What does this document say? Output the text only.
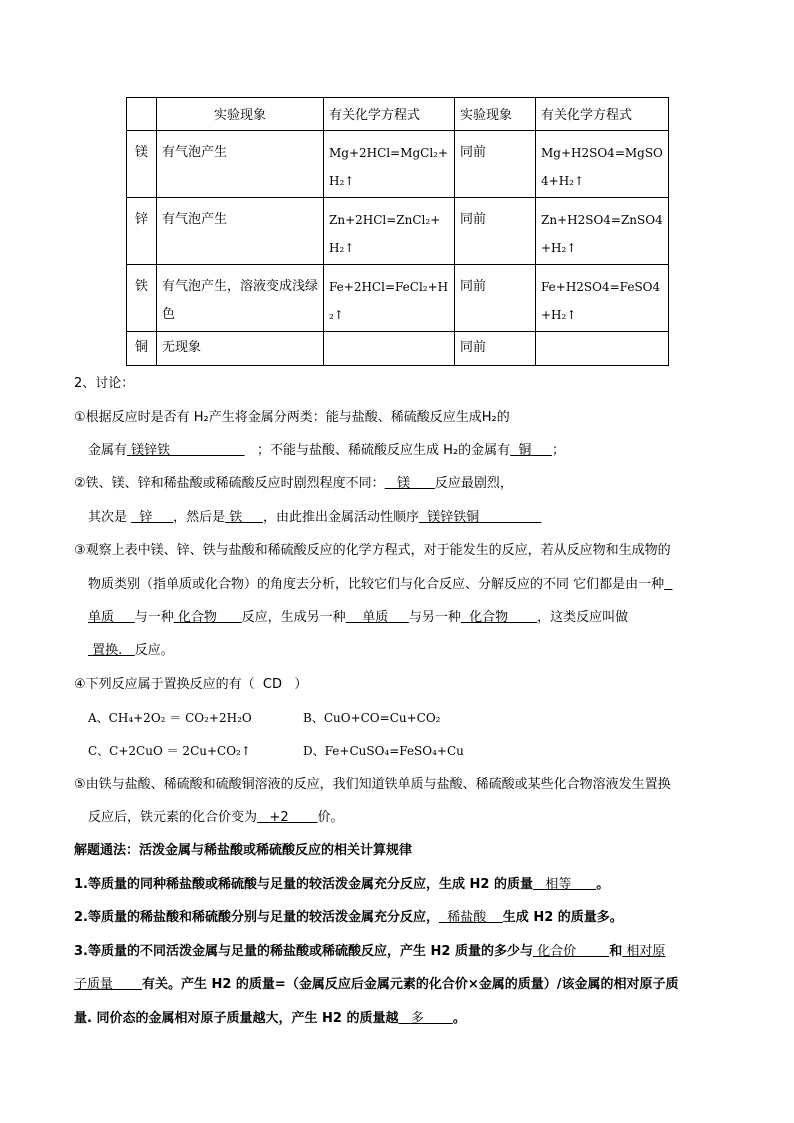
	实验现象	有关化学方程式	实验现象	有关化学方程式
镁	有气泡产生	Mg+2HCl=MgCl₂+H₂↑	同前	Mg+H2SO4=MgSO4+H₂↑
锌	有气泡产生	Zn+2HCl=ZnCl₂+H₂↑	同前	Zn+H2SO4=ZnSO4+H₂↑
铁	有气泡产生，溶液变成浅绿色	Fe+2HCl=FeCl₂+H₂↑	同前	Fe+H2SO4=FeSO4+H₂↑
铜	无现象		同前	
2、讨论：
①根据反应时是否有 H₂产生将金属分两类：能与盐酸、稀硫酸反应生成H₂的
金属有 镁锌铁	；不能与盐酸、稀硫酸反应生成 H₂的金属有 铜 ；
②铁、镁、锌和稀盐酸或稀硫酸反应时剧烈程度不同： 镁 反应最剧烈，
其次是 锌 ，然后是 铁 ，由此推出金属活动性顺序 镁锌铁铜
③观察上表中镁、锌、铁与盐酸和稀硫酸反应的化学方程式，对于能发生的反应，若从反应物和生成物的
物质类别（指单质或化合物）的角度去分析，比较它们与化合反应、分解反应的不同 它们都是由一种
单质 与一种 化合物 反应，生成另一种 单质 与另一种 化合物 ，这类反应叫做
置换.   反应。
④下列反应属于置换反应的有（ CD ）
A、CH₄+2O₂ ＝ CO₂+2H₂O	B、CuO+CO=Cu+CO₂
C、C+2CuO ＝ 2Cu+CO₂↑	D、Fe+CuSO₄=FeSO₄+Cu
⑤由铁与盐酸、稀硫酸和硫酸铜溶液的反应，我们知道铁单质与盐酸、稀硫酸或某些化合物溶液发生置换
反应后，铁元素的化合价变为 +2 价。
解题通法：活泼金属与稀盐酸或稀硫酸反应的相关计算规律
1.等质量的同种稀盐酸或稀硫酸与足量的较活泼金属充分反应，生成 H2 的质量 相等 。
2.等质量的稀盐酸和稀硫酸分别与足量的较活泼金属充分反应， 稀盐酸 生成 H2 的质量多。
3.等质量的不同活泼金属与足量的稀盐酸或稀硫酸反应，产生 H2 质量的多少与 化合价	和 相对原
子质量 有关。产生 H2 的质量=（金属反应后金属元素的化合价×金属的质量）/该金属的相对原子质
量. 同价态的金属相对原子质量越大，产生 H2 的质量越 多 。
